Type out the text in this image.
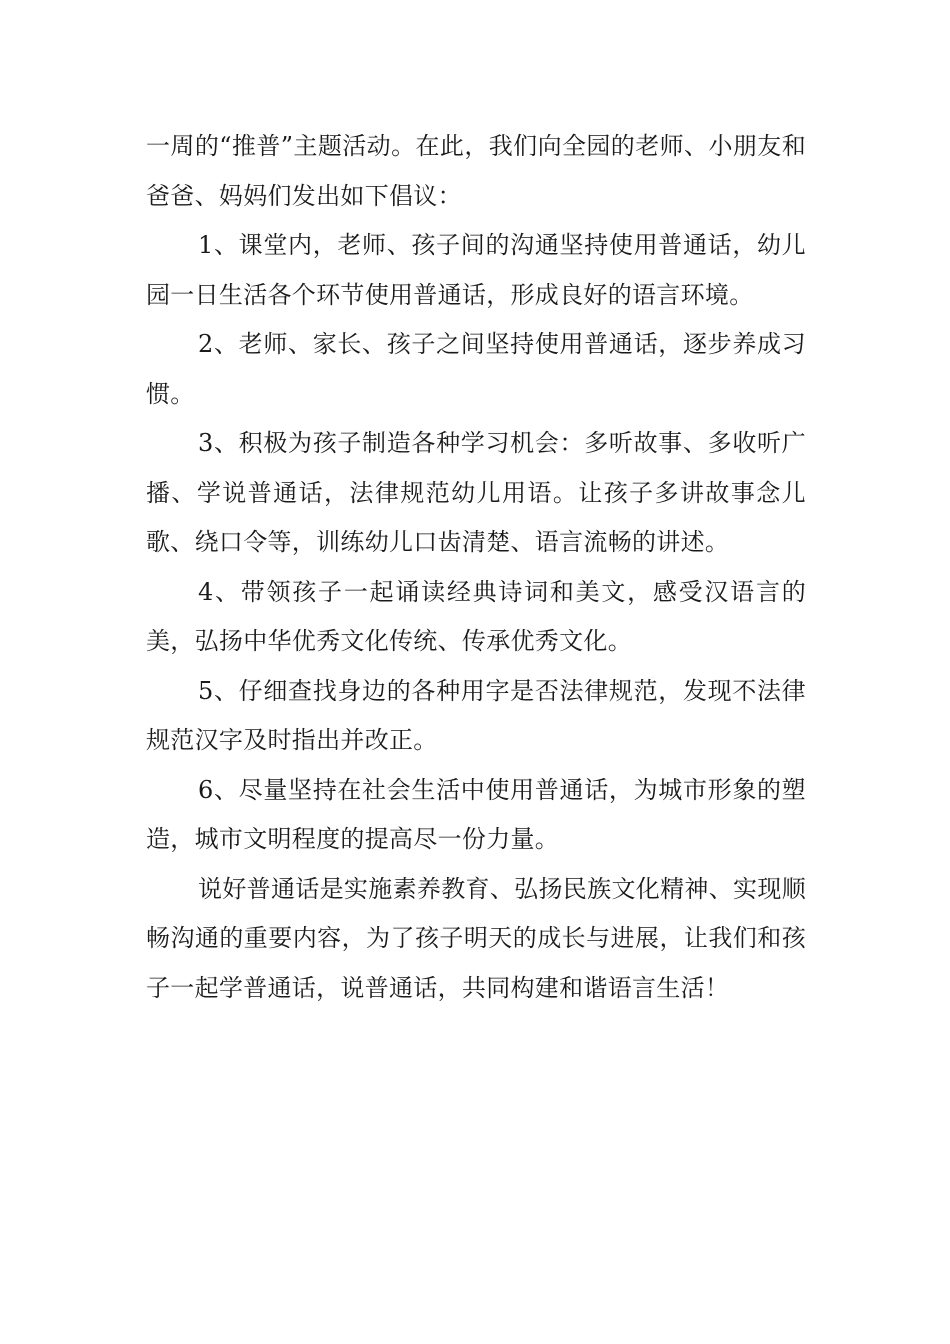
一周的“推普”主题活动。在此，我们向全园的老师、小朋友和爸爸、妈妈们发出如下倡议：

1、课堂内，老师、孩子间的沟通坚持使用普通话，幼儿园一日生活各个环节使用普通话，形成良好的语言环境。

2、老师、家长、孩子之间坚持使用普通话，逐步养成习惯。

3、积极为孩子制造各种学习机会：多听故事、多收听广播、学说普通话，法律规范幼儿用语。让孩子多讲故事念儿歌、绕口令等，训练幼儿口齿清楚、语言流畅的讲述。

4、带领孩子一起诵读经典诗词和美文，感受汉语言的美，弘扬中华优秀文化传统、传承优秀文化。

5、仔细查找身边的各种用字是否法律规范，发现不法律规范汉字及时指出并改正。

6、尽量坚持在社会生活中使用普通话，为城市形象的塑造，城市文明程度的提高尽一份力量。

说好普通话是实施素养教育、弘扬民族文化精神、实现顺畅沟通的重要内容，为了孩子明天的成长与进展，让我们和孩子一起学普通话，说普通话，共同构建和谐语言生活！
